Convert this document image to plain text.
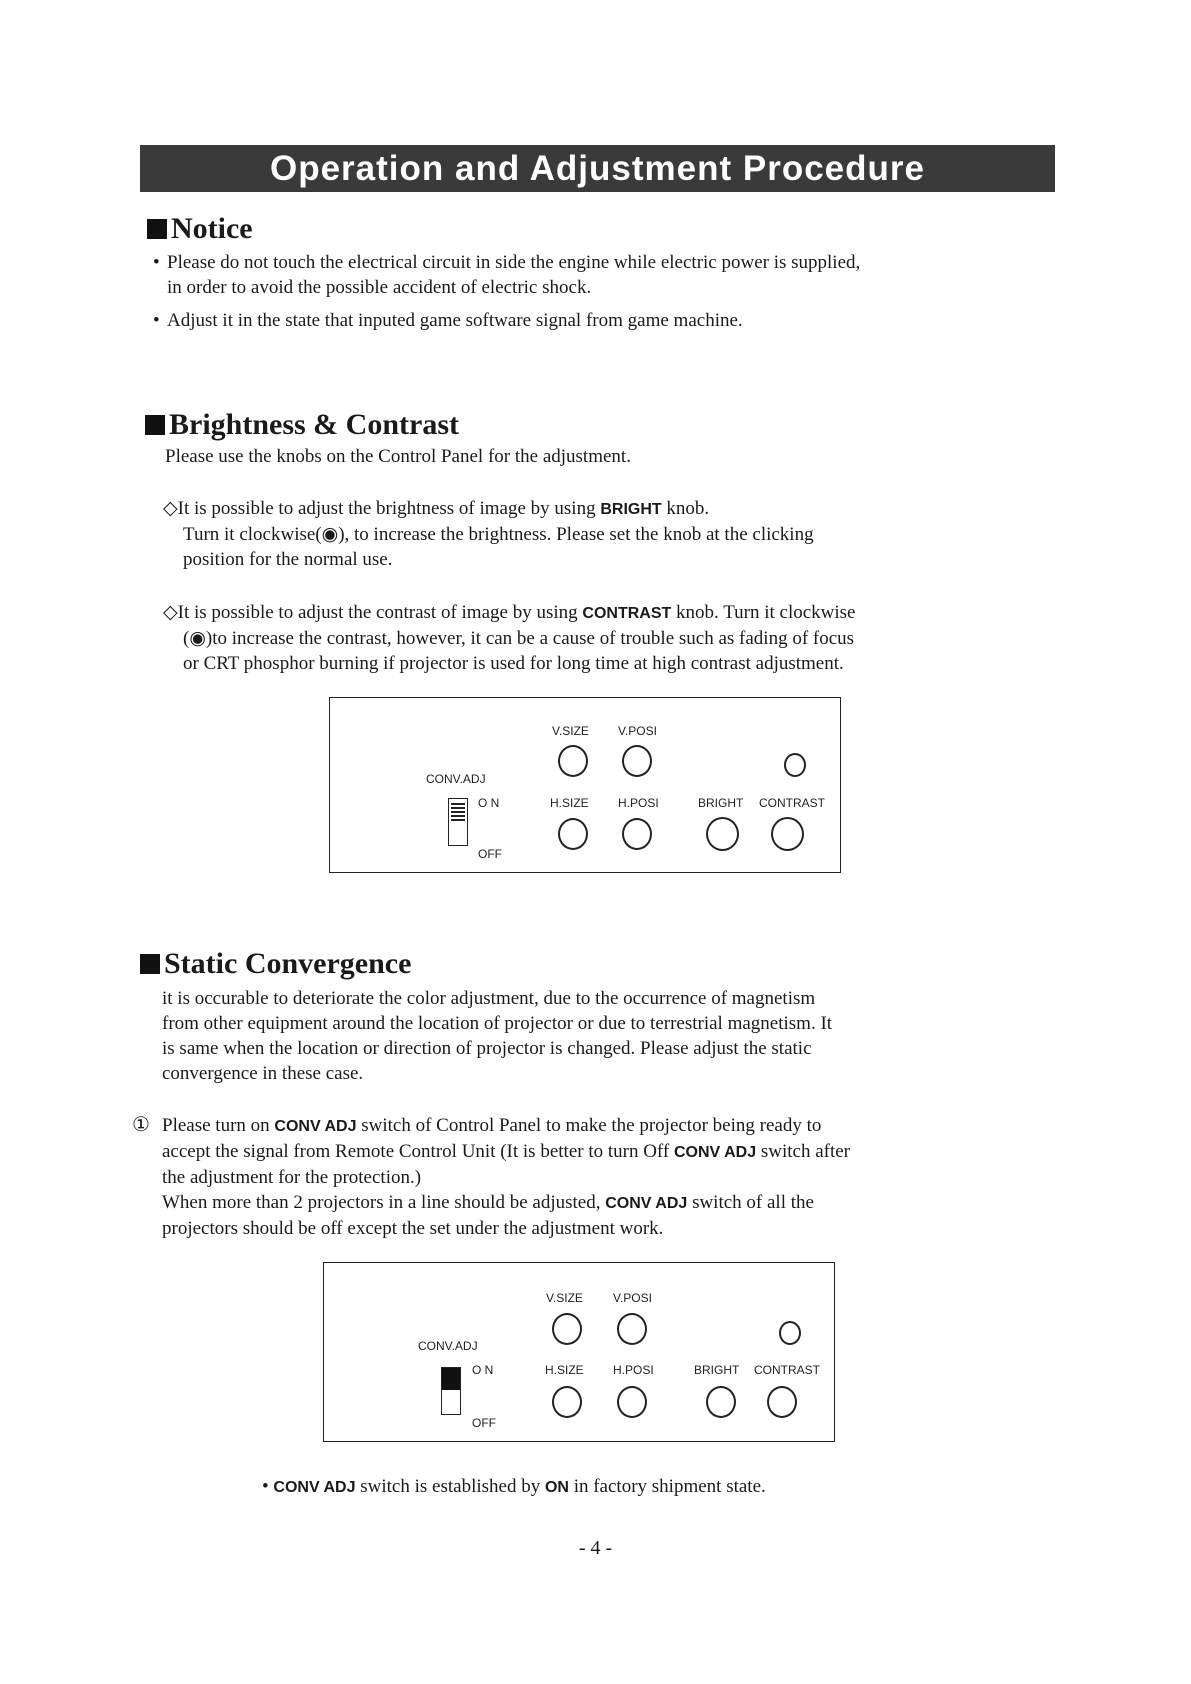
Operation and Adjustment Procedure
Notice
• Please do not touch the electrical circuit in side the engine while electric power is supplied,
in order to avoid the possible accident of electric shock.
• Adjust it in the state that inputed game software signal from game machine.
Brightness & Contrast
Please use the knobs on the Control Panel for the adjustment.
◇It is possible to adjust the brightness of image by using BRIGHT knob.
Turn it clockwise(◉), to increase the brightness. Please set the knob at the clicking
position for the normal use.
◇It is possible to adjust the contrast of image by using CONTRAST knob. Turn it clockwise
(◉)to increase the contrast, however, it can be a cause of trouble such as fading of focus
or CRT phosphor burning if projector is used for long time at high contrast adjustment.
V.SIZE V.POSI
CONV.ADJ
O N
OFF
H.SIZE H.POSI	BRIGHT CONTRAST
Static Convergence
it is occurable to deteriorate the color adjustment, due to the occurrence of magnetism
from other equipment around the location of projector or due to terrestrial magnetism. It
is same when the location or direction of projector is changed. Please adjust the static
convergence in these case.
① Please turn on CONV ADJ switch of Control Panel to make the projector being ready to
accept the signal from Remote Control Unit (It is better to turn Off CONV ADJ switch after
the adjustment for the protection.)
When more than 2 projectors in a line should be adjusted, CONV ADJ switch of all the
projectors should be off except the set under the adjustment work.
V.SIZE	V.POSI
CONV.ADJ
O N
OFF
H.SIZE H.POSI	BRIGHT CONTRAST
• CONV ADJ switch is established by ON in factory shipment state.
- 4 -
